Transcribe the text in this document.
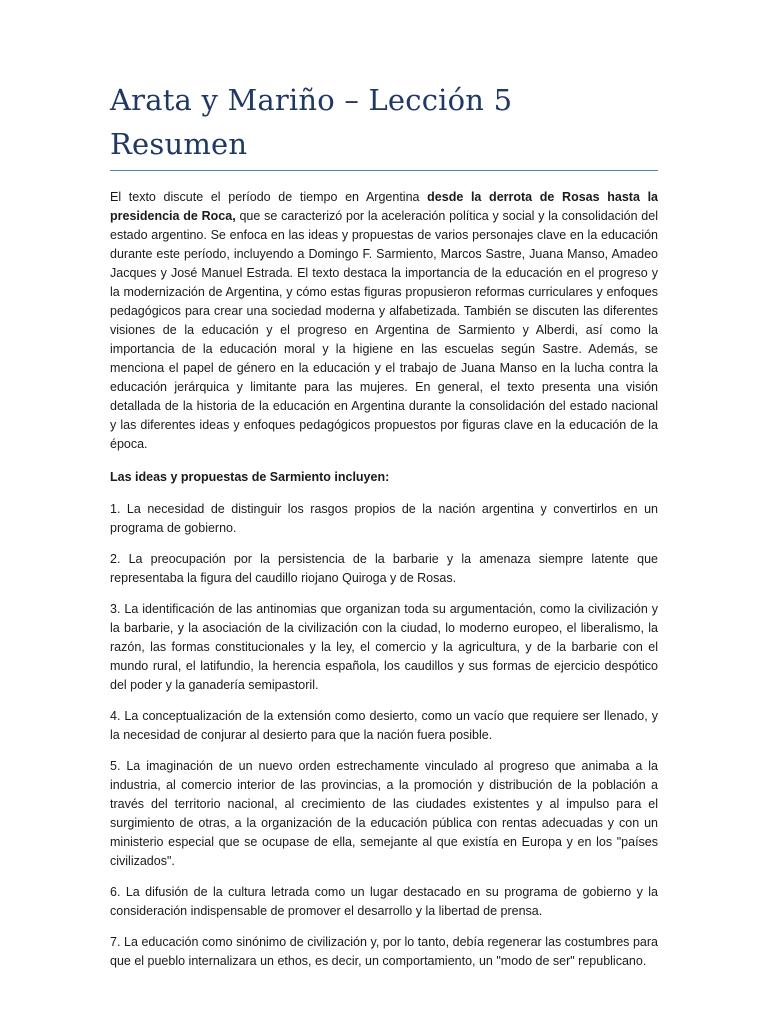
Arata y Mariño – Lección 5 Resumen

El texto discute el período de tiempo en Argentina desde la derrota de Rosas hasta la presidencia de Roca, que se caracterizó por la aceleración política y social y la consolidación del estado argentino. Se enfoca en las ideas y propuestas de varios personajes clave en la educación durante este período, incluyendo a Domingo F. Sarmiento, Marcos Sastre, Juana Manso, Amadeo Jacques y José Manuel Estrada. El texto destaca la importancia de la educación en el progreso y la modernización de Argentina, y cómo estas figuras propusieron reformas curriculares y enfoques pedagógicos para crear una sociedad moderna y alfabetizada. También se discuten las diferentes visiones de la educación y el progreso en Argentina de Sarmiento y Alberdi, así como la importancia de la educación moral y la higiene en las escuelas según Sastre. Además, se menciona el papel de género en la educación y el trabajo de Juana Manso en la lucha contra la educación jerárquica y limitante para las mujeres. En general, el texto presenta una visión detallada de la historia de la educación en Argentina durante la consolidación del estado nacional y las diferentes ideas y enfoques pedagógicos propuestos por figuras clave en la educación de la época.

Las ideas y propuestas de Sarmiento incluyen:

1. La necesidad de distinguir los rasgos propios de la nación argentina y convertirlos en un programa de gobierno.

2. La preocupación por la persistencia de la barbarie y la amenaza siempre latente que representaba la figura del caudillo riojano Quiroga y de Rosas.

3. La identificación de las antinomias que organizan toda su argumentación, como la civilización y la barbarie, y la asociación de la civilización con la ciudad, lo moderno europeo, el liberalismo, la razón, las formas constitucionales y la ley, el comercio y la agricultura, y de la barbarie con el mundo rural, el latifundio, la herencia española, los caudillos y sus formas de ejercicio despótico del poder y la ganadería semipastoril.

4. La conceptualización de la extensión como desierto, como un vacío que requiere ser llenado, y la necesidad de conjurar al desierto para que la nación fuera posible.

5. La imaginación de un nuevo orden estrechamente vinculado al progreso que animaba a la industria, al comercio interior de las provincias, a la promoción y distribución de la población a través del territorio nacional, al crecimiento de las ciudades existentes y al impulso para el surgimiento de otras, a la organización de la educación pública con rentas adecuadas y con un ministerio especial que se ocupase de ella, semejante al que existía en Europa y en los "países civilizados".

6. La difusión de la cultura letrada como un lugar destacado en su programa de gobierno y la consideración indispensable de promover el desarrollo y la libertad de prensa.

7. La educación como sinónimo de civilización y, por lo tanto, debía regenerar las costumbres para que el pueblo internalizara un ethos, es decir, un comportamiento, un "modo de ser" republicano.
